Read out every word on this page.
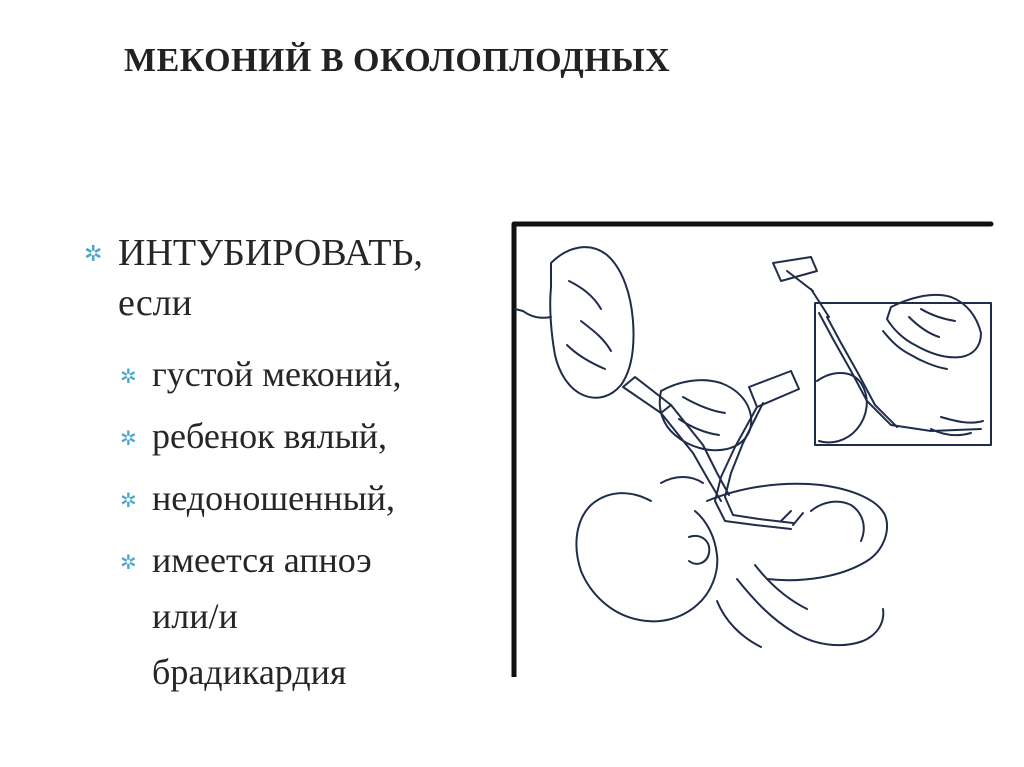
МЕКОНИЙ В ОКОЛОПЛОДНЫХ
✲ ИНТУБИРОВАТЬ,
если
✲ густой меконий,
✲ ребенок вялый,
✲ недоношенный,
✲ имеется апноэ
или/и
брадикардия
